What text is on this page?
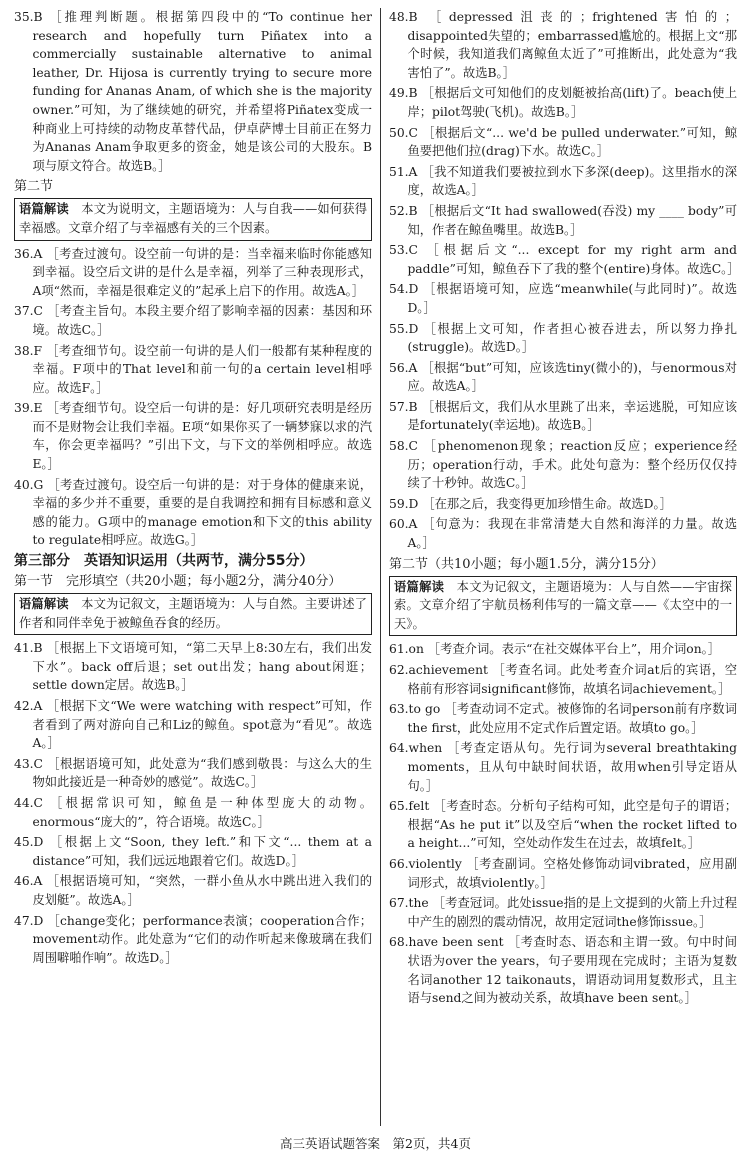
35.B ［推理判断题。根据第四段中的“To continue her research and hopefully turn Piñatex into a commercially sustainable alternative to animal leather, Dr. Hijosa is currently trying to secure more funding for Ananas Anam, of which she is the majority owner.”可知，为了继续她的研究，并希望将Piñatex变成一种商业上可持续的动物皮革替代品，伊卓萨博士目前正在努力为Ananas Anam争取更多的资金，她是该公司的大股东。B项与原文符合。故选B。］
第二节
语篇解读　本文为说明文，主题语境为：人与自我——如何获得幸福感。文章介绍了与幸福感有关的三个因素。
36.A ［考查过渡句。设空前一句讲的是：当幸福来临时你能感知到幸福。设空后文讲的是什么是幸福，列举了三种表现形式，A项“然而，幸福是很难定义的”起承上启下的作用。故选A。］
37.C ［考查主旨句。本段主要介绍了影响幸福的因素：基因和环境。故选C。］
38.F ［考查细节句。设空前一句讲的是人们一般都有某种程度的幸福。F项中的That level和前一句的a certain level相呼应。故选F。］
39.E ［考查细节句。设空后一句讲的是：好几项研究表明是经历而不是财物会让我们幸福。E项“如果你买了一辆梦寐以求的汽车，你会更幸福吗？”引出下文，与下文的举例相呼应。故选E。］
40.G ［考查过渡句。设空后一句讲的是：对于身体的健康来说，幸福的多少并不重要，重要的是自我调控和拥有目标感和意义感的能力。G项中的manage emotion和下文的this ability to regulate相呼应。故选G。］
第三部分　英语知识运用（共两节，满分55分）
第一节　完形填空（共20小题；每小题2分，满分40分）
语篇解读　本文为记叙文，主题语境为：人与自然。主要讲述了作者和同伴幸免于被鲸鱼吞食的经历。
41.B ［根据上下文语境可知，“第二天早上8:30左右，我们出发下水”。back off后退；set out出发；hang about闲逛；settle down定居。故选B。］
42.A ［根据下文“We were watching with respect”可知，作者看到了两对游向自己和Liz的鲸鱼。spot意为“看见”。故选A。］
43.C ［根据语境可知，此处意为“我们感到敬畏：与这么大的生物如此接近是一种奇妙的感觉”。故选C。］
44.C ［根据常识可知，鲸鱼是一种体型庞大的动物。enormous“庞大的”，符合语境。故选C。］
45.D ［根据上文“Soon, they left.”和下文“... them at a distance”可知，我们远远地跟着它们。故选D。］
46.A ［根据语境可知，“突然，一群小鱼从水中跳出进入我们的皮划艇”。故选A。］
47.D ［change变化；performance表演；cooperation合作；movement动作。此处意为“它们的动作听起来像玻璃在我们周围噼啪作响”。故选D。］
48.B ［depressed沮丧的；frightened害怕的；disappointed失望的；embarrassed尴尬的。根据上文“那个时候，我知道我们离鲸鱼太近了”可推断出，此处意为“我害怕了”。故选B。］
49.B ［根据后文可知他们的皮划艇被抬高(lift)了。beach使上岸；pilot驾驶(飞机)。故选B。］
50.C ［根据后文“... we'd be pulled underwater.”可知，鲸鱼要把他们拉(drag)下水。故选C。］
51.A ［我不知道我们要被拉到水下多深(deep)。这里指水的深度，故选A。］
52.B ［根据后文“It had swallowed(吞没) my ____ body”可知，作者在鲸鱼嘴里。故选B。］
53.C ［根据后文“... except for my right arm and paddle”可知，鲸鱼吞下了我的整个(entire)身体。故选C。］
54.D ［根据语境可知，应选“meanwhile(与此同时)”。故选D。］
55.D ［根据上文可知，作者担心被吞进去，所以努力挣扎(struggle)。故选D。］
56.A ［根据“but”可知，应该选tiny(微小的)，与enormous对应。故选A。］
57.B ［根据后文，我们从水里跳了出来，幸运逃脱，可知应该是fortunately(幸运地)。故选B。］
58.C ［phenomenon现象；reaction反应；experience经历；operation行动，手术。此处句意为：整个经历仅仅持续了十秒钟。故选C。］
59.D ［在那之后，我变得更加珍惜生命。故选D。］
60.A ［句意为：我现在非常清楚大自然和海洋的力量。故选A。］
第二节（共10小题；每小题1.5分，满分15分）
语篇解读　本文为记叙文，主题语境为：人与自然——宇宙探索。文章介绍了宇航员杨利伟写的一篇文章——《太空中的一天》。
61.on ［考查介词。表示“在社交媒体平台上”，用介词on。］
62.achievement ［考查名词。此处考查介词at后的宾语，空格前有形容词significant修饰，故填名词achievement。］
63.to go ［考查动词不定式。被修饰的名词person前有序数词the first，此处应用不定式作后置定语。故填to go。］
64.when ［考查定语从句。先行词为several breathtaking moments，且从句中缺时间状语，故用when引导定语从句。］
65.felt ［考查时态。分析句子结构可知，此空是句子的谓语；根据“As he put it”以及空后“when the rocket lifted to a height...”可知，空处动作发生在过去，故填felt。］
66.violently ［考查副词。空格处修饰动词vibrated，应用副词形式，故填violently。］
67.the ［考查冠词。此处issue指的是上文提到的火箭上升过程中产生的剧烈的震动情况，故用定冠词the修饰issue。］
68.have been sent ［考查时态、语态和主谓一致。句中时间状语为over the years，句子要用现在完成时；主语为复数名词another 12 taikonauts，谓语动词用复数形式，且主语与send之间为被动关系，故填have been sent。］
高三英语试题答案　第2页，共4页
